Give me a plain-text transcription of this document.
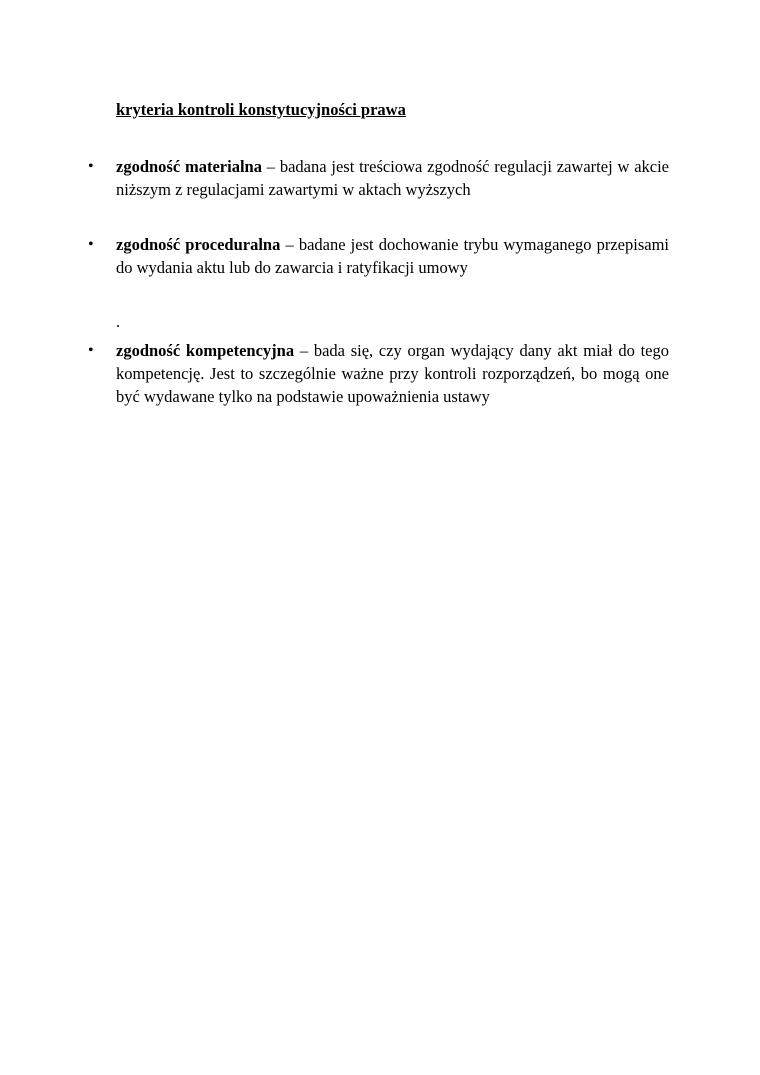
kryteria kontroli konstytucyjności prawa
• zgodność materialna – badana jest treściowa zgodność regulacji zawartej w akcie niższym z regulacjami zawartymi w aktach wyższych
• zgodność proceduralna – badane jest dochowanie trybu wymaganego przepisami do wydania aktu lub do zawarcia i ratyfikacji umowy
.
• zgodność kompetencyjna – bada się, czy organ wydający dany akt miał do tego kompetencję. Jest to szczególnie ważne przy kontroli rozporządzeń, bo mogą one być wydawane tylko na podstawie upoważnienia ustawy
